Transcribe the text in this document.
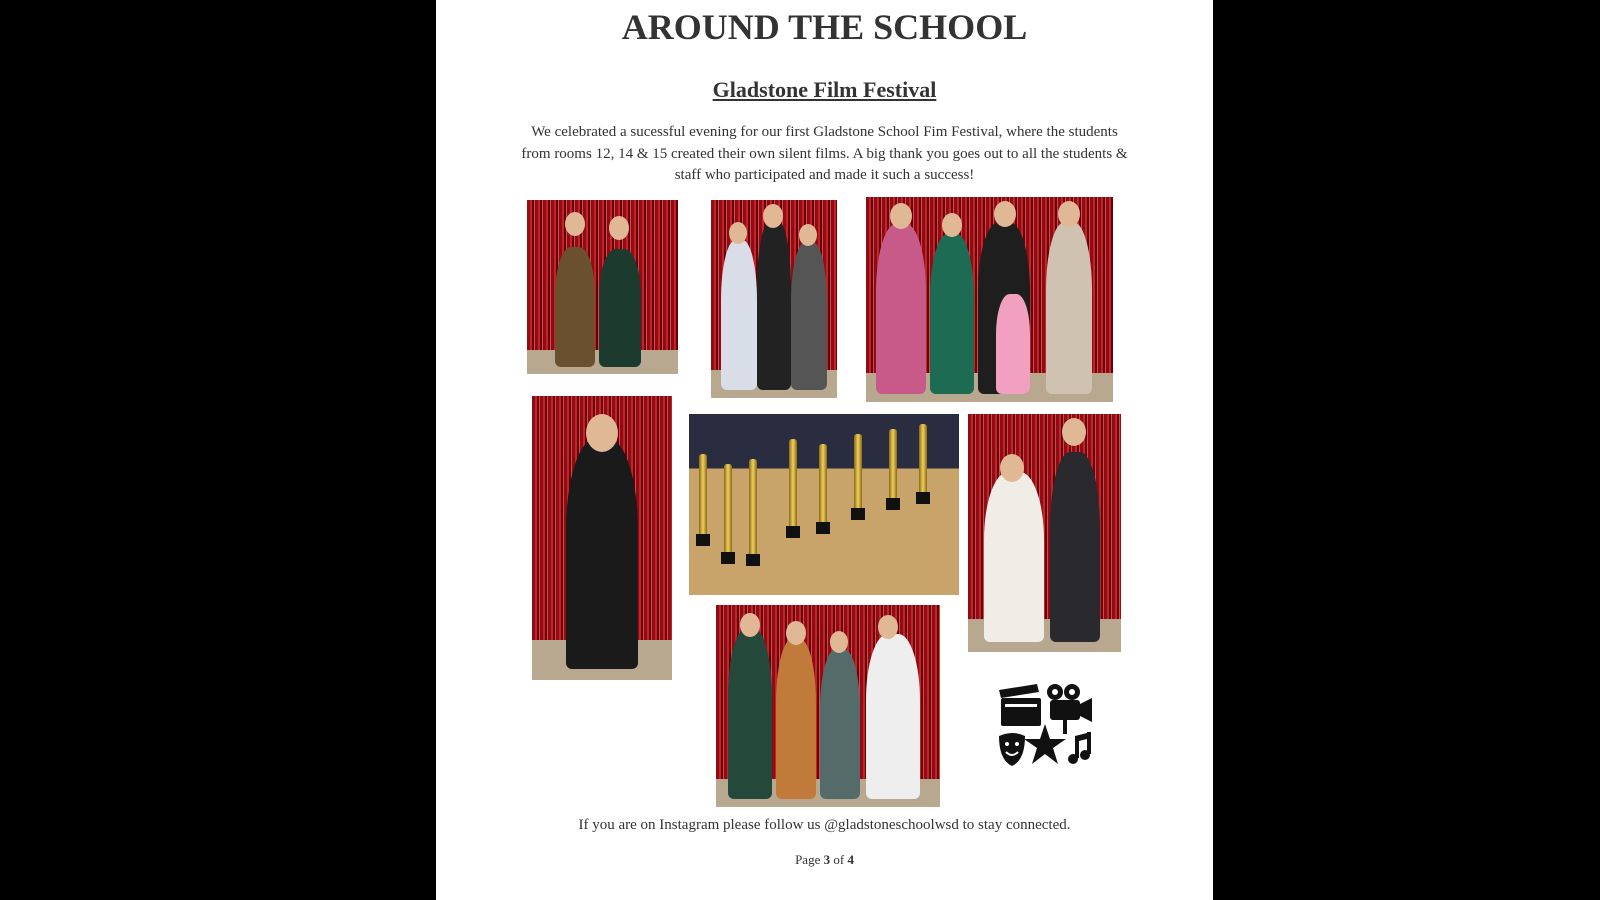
AROUND THE SCHOOL
Gladstone Film Festival
We celebrated a sucessful evening for our first Gladstone School Fim Festival, where the students from rooms 12, 14 & 15 created their own silent films. A big thank you goes out to all the students & staff who participated and made it such a success!
If you are on Instagram please follow us @gladstoneschoolwsd to stay connected.
Page 3 of 4
